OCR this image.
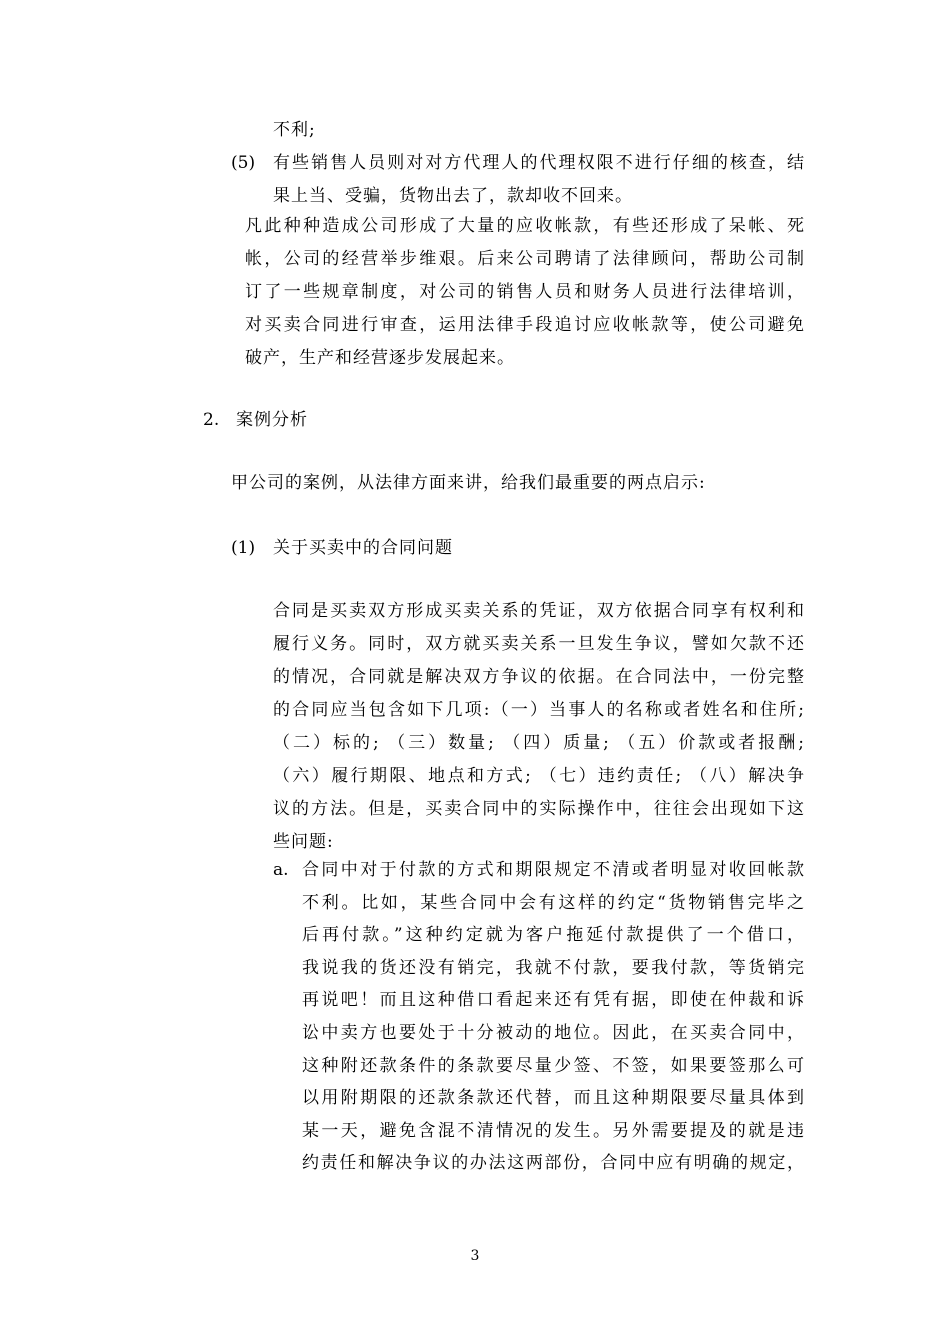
不利;

(5) 有些销售人员则对对方代理人的代理权限不进行仔细的核查，结
果上当、受骗，货物出去了，款却收不回来。
凡此种种造成公司形成了大量的应收帐款，有些还形成了呆帐、死
帐，公司的经营举步维艰。后来公司聘请了法律顾问，帮助公司制
订了一些规章制度，对公司的销售人员和财务人员进行法律培训，
对买卖合同进行审查，运用法律手段追讨应收帐款等，使公司避免
破产，生产和经营逐步发展起来。
2. 案例分析

甲公司的案例，从法律方面来讲，给我们最重要的两点启示:

(1) 关于买卖中的合同问题
合同是买卖双方形成买卖关系的凭证，双方依据合同享有权利和
履行义务。同时，双方就买卖关系一旦发生争议，譬如欠款不还
的情况，合同就是解决双方争议的依据。在合同法中，一份完整
的合同应当包含如下几项:（一）当事人的名称或者姓名和住所;
（二）标的; （三）数量; （四）质量; （五）价款或者报酬;
（六）履行期限、地点和方式; （七）违约责任; （八）解决争
议的方法。但是，买卖合同中的实际操作中，往往会出现如下这
些问题:
a. 合同中对于付款的方式和期限规定不清或者明显对收回帐款
不利。比如，某些合同中会有这样的约定“货物销售完毕之
后再付款。”这种约定就为客户拖延付款提供了一个借口，
我说我的货还没有销完，我就不付款，要我付款，等货销完
再说吧！而且这种借口看起来还有凭有据，即使在仲裁和诉
讼中卖方也要处于十分被动的地位。因此，在买卖合同中，
这种附还款条件的条款要尽量少签、不签，如果要签那么可
以用附期限的还款条款还代替，而且这种期限要尽量具体到
某一天，避免含混不清情况的发生。另外需要提及的就是违
约责任和解决争议的办法这两部份，合同中应有明确的规定，
3
